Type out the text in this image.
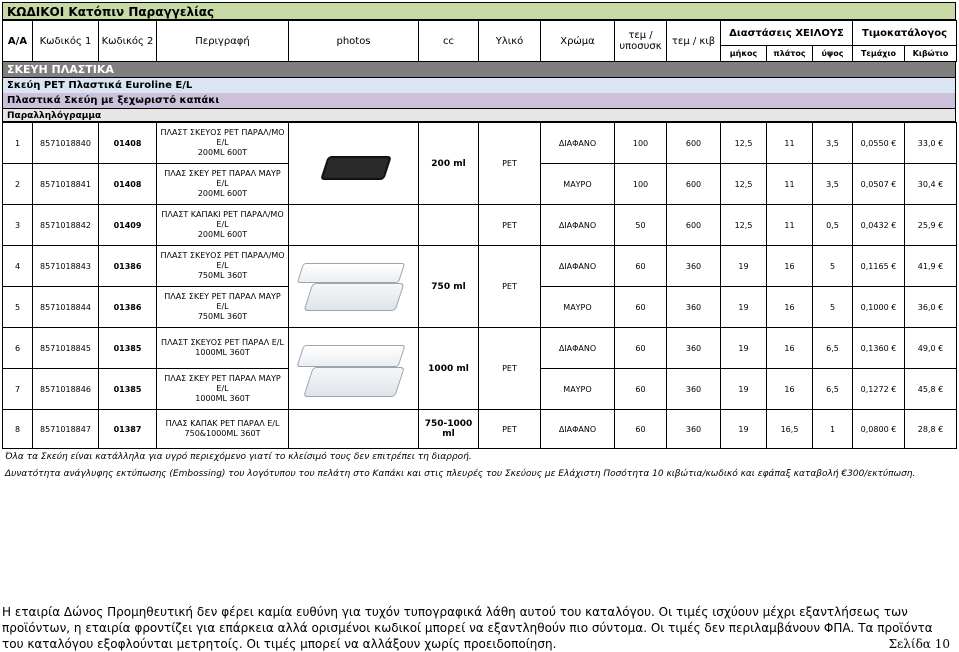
ΚΩΔΙΚΟΙ Κατόπιν Παραγγελίας
Α/Α	Κωδικός 1	Κωδικός 2	Περιγραφή	photos	cc	Υλικό	Χρώμα	τεμ /
υποσυσκ	τεμ / κιβ	Διαστάσεις ΧΕΙΛΟΥΣ			Τιμοκατάλογος	
										μήκος	πλάτος	ύψος	Τεμάχιο	Κιβώτιο
ΣΚΕΥΗ ΠΛΑΣΤΙΚΑ
Σκεύη PET Πλαστικά Euroline E/L
Πλαστικά Σκεύη με ξεχωριστό καπάκι
Παραλληλόγραμμα
1	8571018840	01408	ΠΛΑΣΤ ΣΚΕΥΟΣ PET ΠΑΡΑΛ/ΜΟ E/L
200ML 600T		200 ml	PET	ΔΙΑΦΑΝΟ	100	600	12,5	11	3,5	0,0550 €	33,0 €
2	8571018841	01408	ΠΛΑΣ ΣΚΕΥ PET ΠΑΡΑΛ ΜΑΥΡ E/L
200ML 600T				ΜΑΥΡΟ	100	600	12,5	11	3,5	0,0507 €	30,4 €
3	8571018842	01409	ΠΛΑΣΤ ΚΑΠΑΚΙ PET ΠΑΡΑΛ/ΜΟ E/L
200ML 600T			PET	ΔΙΑΦΑΝΟ	50	600	12,5	11	0,5	0,0432 €	25,9 €
4	8571018843	01386	ΠΛΑΣΤ ΣΚΕΥΟΣ PET ΠΑΡΑΛ/ΜΟ E/L
750ML 360T		750 ml	PET	ΔΙΑΦΑΝΟ	60	360	19	16	5	0,1165 €	41,9 €
5	8571018844	01386	ΠΛΑΣ ΣΚΕΥ PET ΠΑΡΑΛ ΜΑΥΡ E/L
750ML 360T				ΜΑΥΡΟ	60	360	19	16	5	0,1000 €	36,0 €
6	8571018845	01385	ΠΛΑΣΤ ΣΚΕΥΟΣ PET ΠΑΡΑΛ E/L
1000ML 360T		1000 ml	PET	ΔΙΑΦΑΝΟ	60	360	19	16	6,5	0,1360 €	49,0 €
7	8571018846	01385	ΠΛΑΣ ΣΚΕΥ PET ΠΑΡΑΛ ΜΑΥΡ E/L
1000ML 360T				ΜΑΥΡΟ	60	360	19	16	6,5	0,1272 €	45,8 €
8	8571018847	01387	ΠΛΑΣ ΚΑΠΑΚ PET ΠΑΡΑΛ E/L
750&1000ML 360T		750-1000
ml	PET	ΔΙΑΦΑΝΟ	60	360	19	16,5	1	0,0800 €	28,8 €
Όλα τα Σκεύη είναι κατάλληλα για υγρό περιεχόμενο γιατί το κλείσιμό τους δεν επιτρέπει τη διαρροή.
Δυνατότητα ανάγλυφης εκτύπωσης (Embossing) του λογότυπου του πελάτη στο Καπάκι και στις πλευρές του Σκεύους με Ελάχιστη Ποσότητα 10 κιβώτια/κωδικό και εφάπαξ καταβολή €300/εκτύπωση.
Η εταιρία Δώνος Προμηθευτική δεν φέρει καμία ευθύνη για τυχόν τυπογραφικά λάθη αυτού του καταλόγου. Οι τιμές ισχύουν μέχρι εξαντλήσεως των προϊόντων, η εταιρία φροντίζει για επάρκεια αλλά ορισμένοι κωδικοί μπορεί να εξαντληθούν πιο σύντομα. Οι τιμές δεν περιλαμβάνουν ΦΠΑ. Τα προϊόντα του καταλόγου εξοφλούνται μετρητοίς. Οι τιμές μπορεί να αλλάξουν χωρίς προειδοποίηση.	Σελίδα 10
